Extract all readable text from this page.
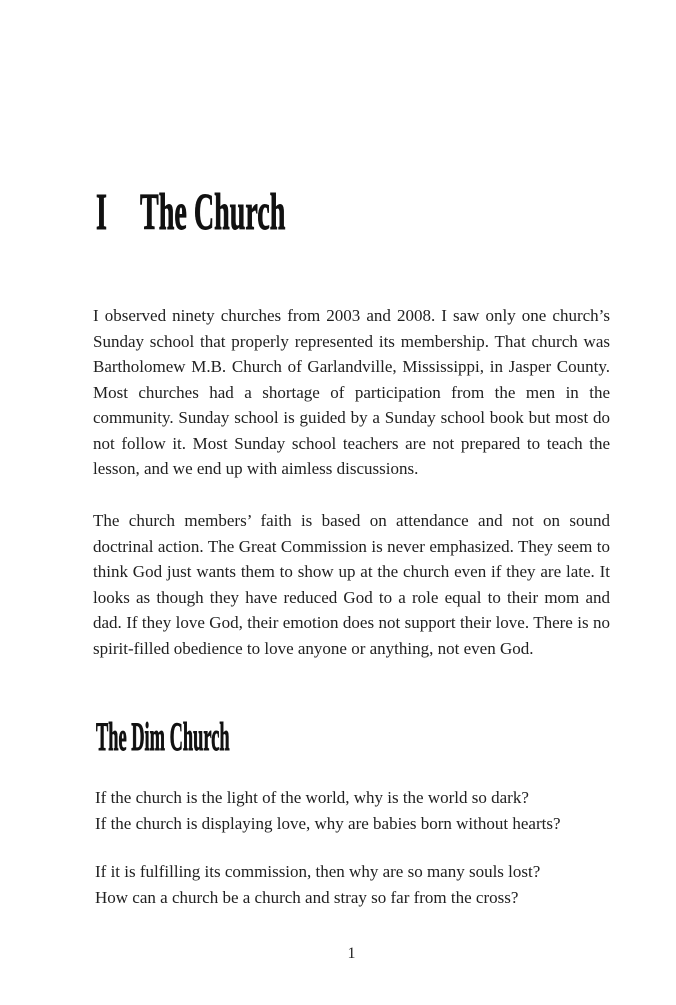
I The Church

I observed ninety churches from 2003 and 2008. I saw only one church’s Sunday school that properly represented its membership. That church was Bartholomew M.B. Church of Garlandville, Mississippi, in Jasper County. Most churches had a shortage of participation from the men in the community. Sunday school is guided by a Sunday school book but most do not follow it. Most Sunday school teachers are not prepared to teach the lesson, and we end up with aimless discussions.

The church members’ faith is based on attendance and not on sound doctrinal action. The Great Commission is never emphasized. They seem to think God just wants them to show up at the church even if they are late. It looks as though they have reduced God to a role equal to their mom and dad. If they love God, their emotion does not support their love. There is no spirit-filled obedience to love anyone or anything, not even God.

The Dim Church
If the church is the light of the world, why is the world so dark?
If the church is displaying love, why are babies born without hearts?
If it is fulfilling its commission, then why are so many souls lost?
How can a church be a church and stray so far from the cross?
1
